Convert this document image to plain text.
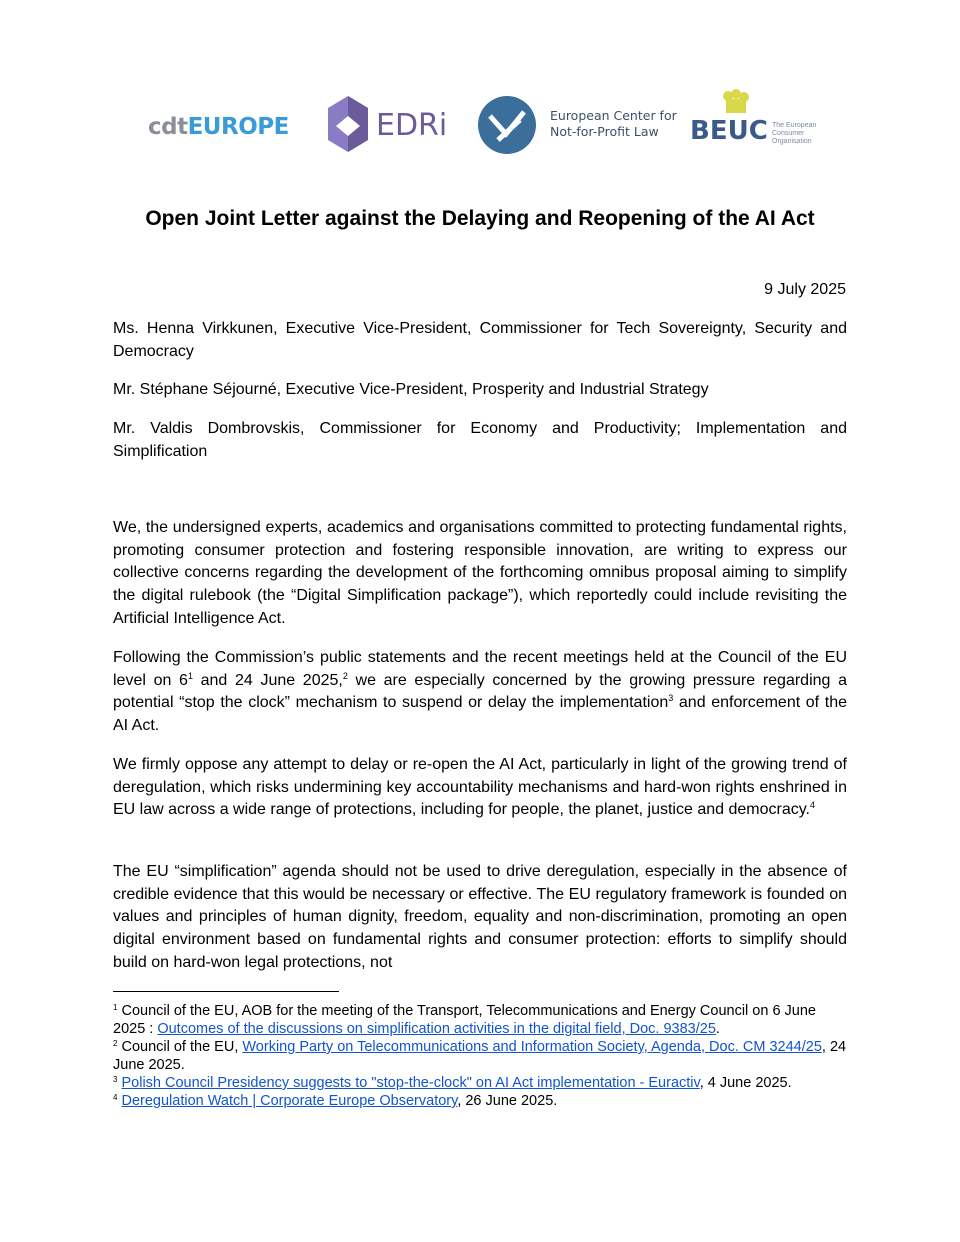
cdtEUROPE	EDRi	European Center for Not-for-Profit Law	BEUC The European Consumer Organisation
Open Joint Letter against the Delaying and Reopening of the AI Act
9 July 2025
Ms. Henna Virkkunen, Executive Vice-President, Commissioner for Tech Sovereignty, Security and Democracy
Mr. Stéphane Séjourné, Executive Vice-President, Prosperity and Industrial Strategy
Mr. Valdis Dombrovskis, Commissioner for Economy and Productivity; Implementation and Simplification

We, the undersigned experts, academics and organisations committed to protecting fundamental rights, promoting consumer protection and fostering responsible innovation, are writing to express our collective concerns regarding the development of the forthcoming omnibus proposal aiming to simplify the digital rulebook (the “Digital Simplification package”), which reportedly could include revisiting the Artificial Intelligence Act.

Following the Commission’s public statements and the recent meetings held at the Council of the EU level on $6^1$ and 24 June 2025,$^2$ we are especially concerned by the growing pressure regarding a potential “stop the clock” mechanism to suspend or delay the implementation$^3$ and enforcement of the AI Act.

We firmly oppose any attempt to delay or re-open the AI Act, particularly in light of the growing trend of deregulation, which risks undermining key accountability mechanisms and hard-won rights enshrined in EU law across a wide range of protections, including for people, the planet, justice and democracy.$^4$

The EU “simplification” agenda should not be used to drive deregulation, especially in the absence of credible evidence that this would be necessary or effective. The EU regulatory framework is founded on values and principles of human dignity, freedom, equality and non-discrimination, promoting an open digital environment based on fundamental rights and consumer protection: efforts to simplify should build on hard-won legal protections, not

$^1$ Council of the EU, AOB for the meeting of the Transport, Telecommunications and Energy Council on 6 June 2025 : Outcomes of the discussions on simplification activities in the digital field, Doc. 9383/25.

$^2$ Council of the EU, Working Party on Telecommunications and Information Society, Agenda, Doc. CM 3244/25, 24 June 2025.

$^3$ Polish Council Presidency suggests to "stop-the-clock" on AI Act implementation - Euractiv, 4 June 2025.

$^4$ Deregulation Watch | Corporate Europe Observatory, 26 June 2025.
